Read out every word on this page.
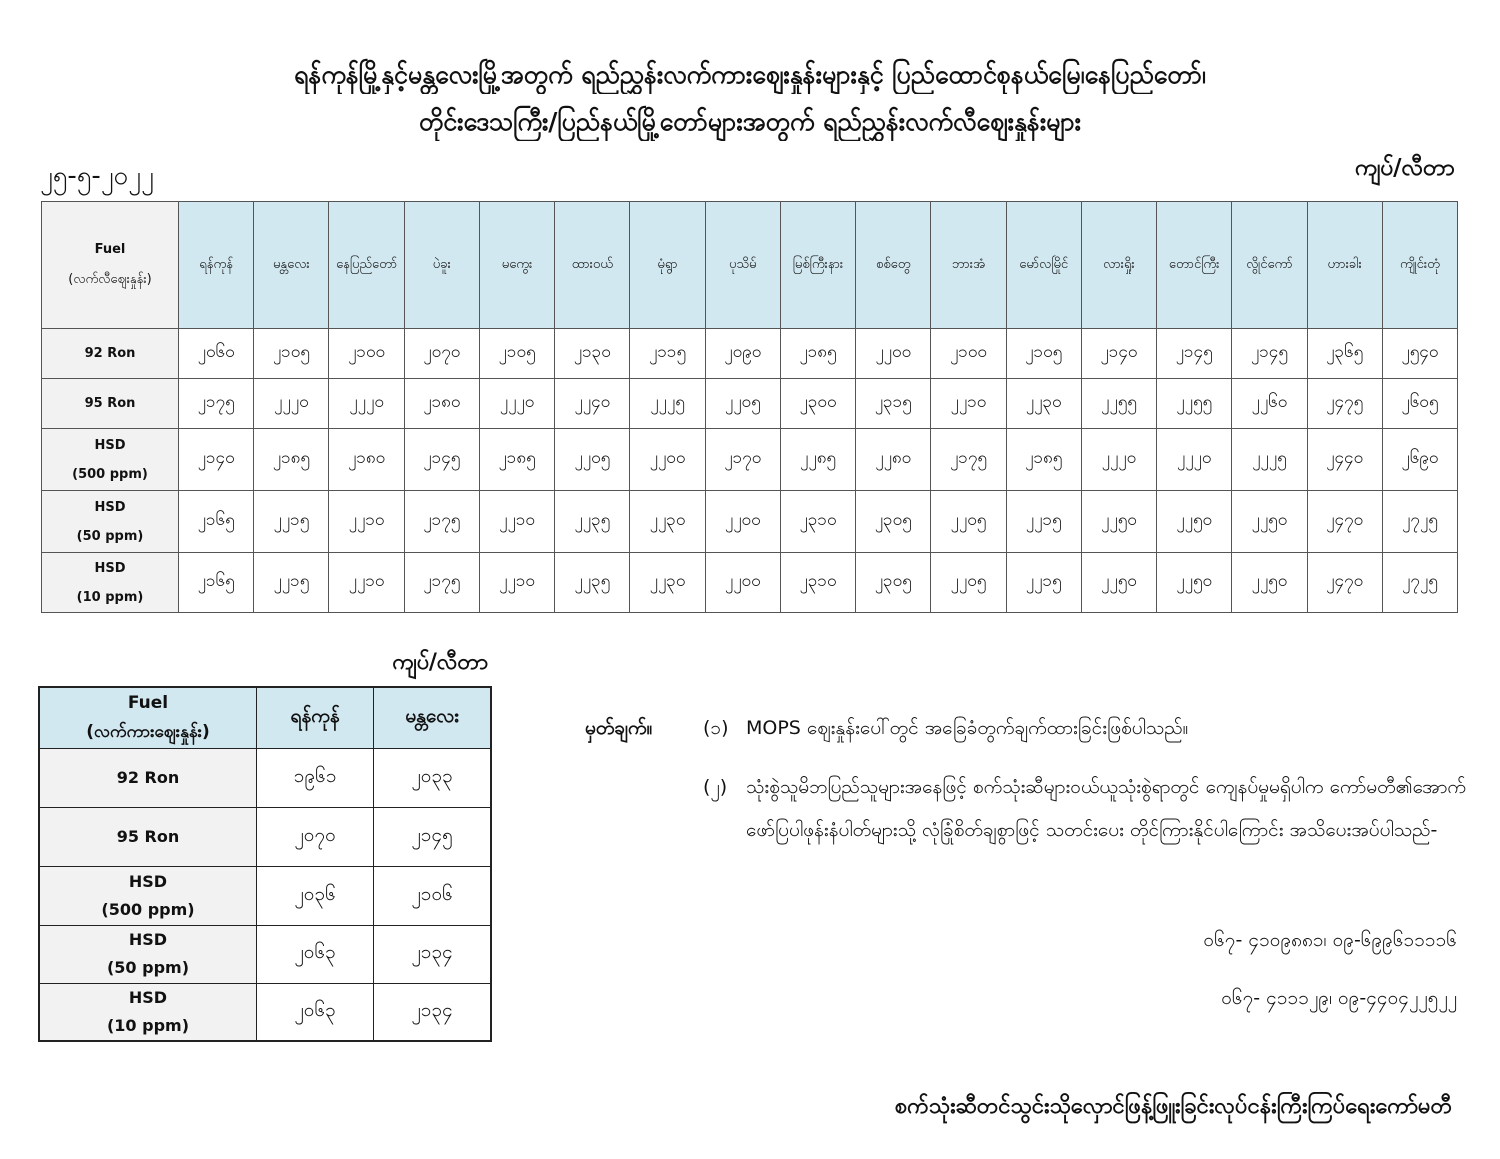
ရန်ကုန်မြို့နှင့်မန္တလေးမြို့အတွက် ရည်ညွှန်းလက်ကားဈေးနှုန်းများနှင့် ပြည်ထောင်စုနယ်မြေ၊နေပြည်တော်၊
တိုင်းဒေသကြီး/ပြည်နယ်မြို့တော်များအတွက် ရည်ညွှန်းလက်လီဈေးနှုန်းများ
၂၅-၅-၂၀၂၂	ကျပ်/လီတာ
Fuel
(လက်လီဈေးနှုန်း)	ရန်ကုန်	မန္တလေး	နေပြည်တော်	ပဲခူး	မကွေး	ထားဝယ်	မုံရွာ	ပုသိမ်	မြစ်ကြီးနား	စစ်တွေ	ဘားအံ	မော်လမြိုင်	လားရှိုး	တောင်ကြီး	လွိုင်ကော်	ဟားခါး	ကျိုင်းတုံ

92 Ron	၂၀၆၀	၂၁၀၅	၂၁၀၀	၂၀၇၀	၂၁၀၅	၂၁၃၀	၂၁၁၅	၂၀၉၀	၂၁၈၅	၂၂၀၀	၂၁၀၀	၂၁၀၅	၂၁၄၀	၂၁၄၅	၂၁၄၅	၂၃၆၅	၂၅၄၀

95 Ron	၂၁၇၅	၂၂၂၀	၂၂၂၀	၂၁၈၀	၂၂၂၀	၂၂၄၀	၂၂၂၅	၂၂၀၅	၂၃၀၀	၂၃၁၅	၂၂၁၀	၂၂၃၀	၂၂၅၅	၂၂၅၅	၂၂၆၀	၂၄၇၅	၂၆၀၅

HSD
(500 ppm)	၂၁၄၀	၂၁၈၅	၂၁၈၀	၂၁၄၅	၂၁၈၅	၂၂၀၅	၂၂၀၀	၂၁၇၀	၂၂၈၅	၂၂၈၀	၂၁၇၅	၂၁၈၅	၂၂၂၀	၂၂၂၀	၂၂၂၅	၂၄၄၀	၂၆၉၀

HSD
(50 ppm)	၂၁၆၅	၂၂၁၅	၂၂၁၀	၂၁၇၅	၂၂၁၀	၂၂၃၅	၂၂၃၀	၂၂၀၀	၂၃၁၀	၂၃၀၅	၂၂၀၅	၂၂၁၅	၂၂၅၀	၂၂၅၀	၂၂၅၀	၂၄၇၀	၂၇၂၅

HSD
(10 ppm)	၂၁၆၅	၂၂၁၅	၂၂၁၀	၂၁၇၅	၂၂၁၀	၂၂၃၅	၂၂၃၀	၂၂၀၀	၂၃၁၀	၂၃၀၅	၂၂၀၅	၂၂၁၅	၂၂၅၀	၂၂၅၀	၂၂၅၀	၂၄၇၀	၂၇၂၅
ကျပ်/လီတာ
Fuel
(လက်ကားဈေးနှုန်း)	ရန်ကုန်	မန္တလေး

92 Ron	၁၉၆၁	၂၀၃၃

95 Ron	၂၀၇၀	၂၁၄၅

HSD
(500 ppm)	၂၀၃၆	၂၁၀၆

HSD
(50 ppm)	၂၀၆၃	၂၁၃၄

HSD
(10 ppm)	၂၀၆၃	၂၁၃၄
မှတ်ချက်။	(၁) MOPS ဈေးနှုန်းပေါ်တွင် အခြေခံတွက်ချက်ထားခြင်းဖြစ်ပါသည်။
(၂) သုံးစွဲသူမိဘပြည်သူများအနေဖြင့် စက်သုံးဆီများဝယ်ယူသုံးစွဲရာတွင် ကျေနပ်မှုမရှိပါက ကော်မတီ၏အောက်ဖော်ပြပါဖုန်းနံပါတ်များသို့ လုံခြုံစိတ်ချစွာဖြင့် သတင်းပေး တိုင်ကြားနိုင်ပါကြောင်း အသိပေးအပ်ပါသည်-
၀၆၇- ၄၁၀၉၈၈၁၊ ၀၉-၆၉၉၆၁၁၁၁၆
၀၆၇- ၄၁၁၁၂၉၊ ၀၉-၄၄၀၄၂၂၅၂၂
စက်သုံးဆီတင်သွင်းသိုလှောင်ဖြန့်ဖြူးခြင်းလုပ်ငန်းကြီးကြပ်ရေးကော်မတီ
